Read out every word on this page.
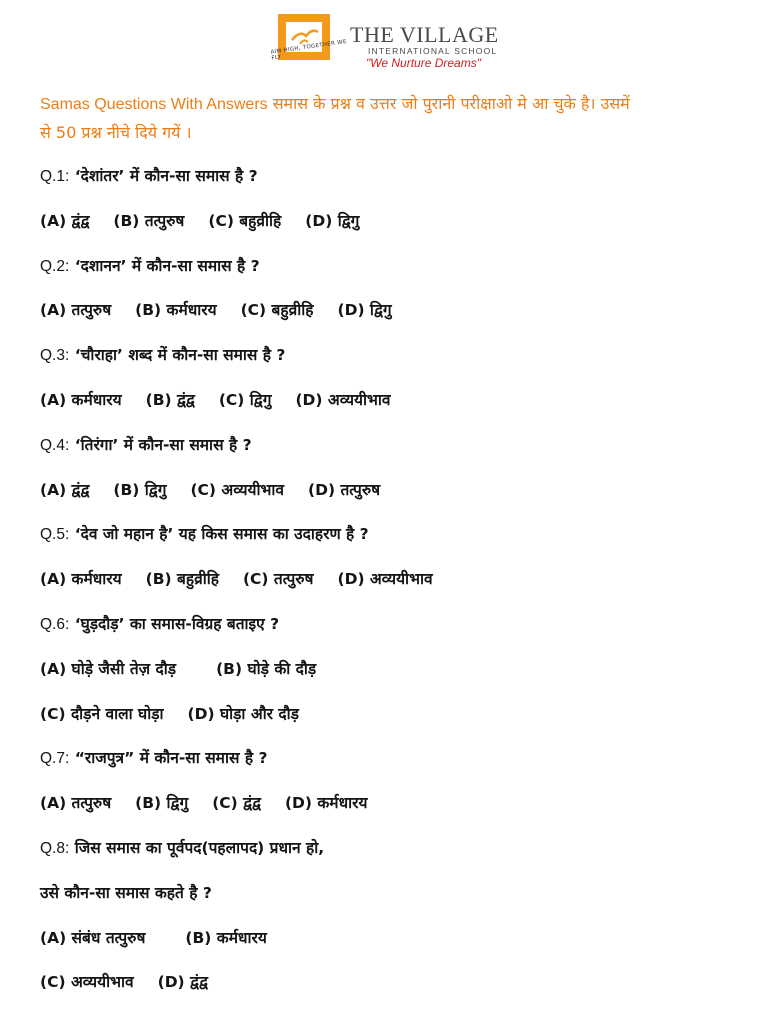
AIM HIGH, TOGETHER WE FLY
THE VILLAGE
INTERNATIONAL SCHOOL
"We Nurture Dreams"
Samas Questions With Answers समास के प्रश्न व उत्तर जो पुरानी परीक्षाओ मे आ चुके है। उसमें
से 50 प्रश्न नीचे दिये गयें ।
Q.1: ‘देशांतर’ में कौन-सा समास है ?
(A) द्वंद्व (B) तत्पुरुष (C) बहुव्रीहि (D) द्विगु
Q.2: ‘दशानन’ में कौन-सा समास है ?
(A) तत्पुरुष (B) कर्मधारय (C) बहुव्रीहि (D) द्विगु
Q.3: ‘चौराहा’ शब्द में कौन-सा समास है ?
(A) कर्मधारय (B) द्वंद्व (C) द्विगु (D) अव्ययीभाव
Q.4: ‘तिरंगा’ में कौन-सा समास है ?
(A) द्वंद्व (B) द्विगु (C) अव्ययीभाव (D) तत्पुरुष
Q.5: ‘देव जो महान है’ यह किस समास का उदाहरण है ?
(A) कर्मधारय (B) बहुव्रीहि (C) तत्पुरुष (D) अव्ययीभाव
Q.6: ‘घुड़दौड़’ का समास-विग्रह बताइए ?
(A) घोड़े जैसी तेज़ दौड़	(B) घोड़े की दौड़
(C) दौड़ने वाला घोड़ा (D) घोड़ा और दौड़
Q.7: “राजपुत्र” में कौन-सा समास है ?
(A) तत्पुरुष (B) द्विगु (C) द्वंद्व (D) कर्मधारय
Q.8: जिस समास का पूर्वपद(पहलापद) प्रधान हो,
उसे कौन-सा समास कहते है ?
(A) संबंध तत्पुरुष	(B) कर्मधारय
(C) अव्ययीभाव (D) द्वंद्व
